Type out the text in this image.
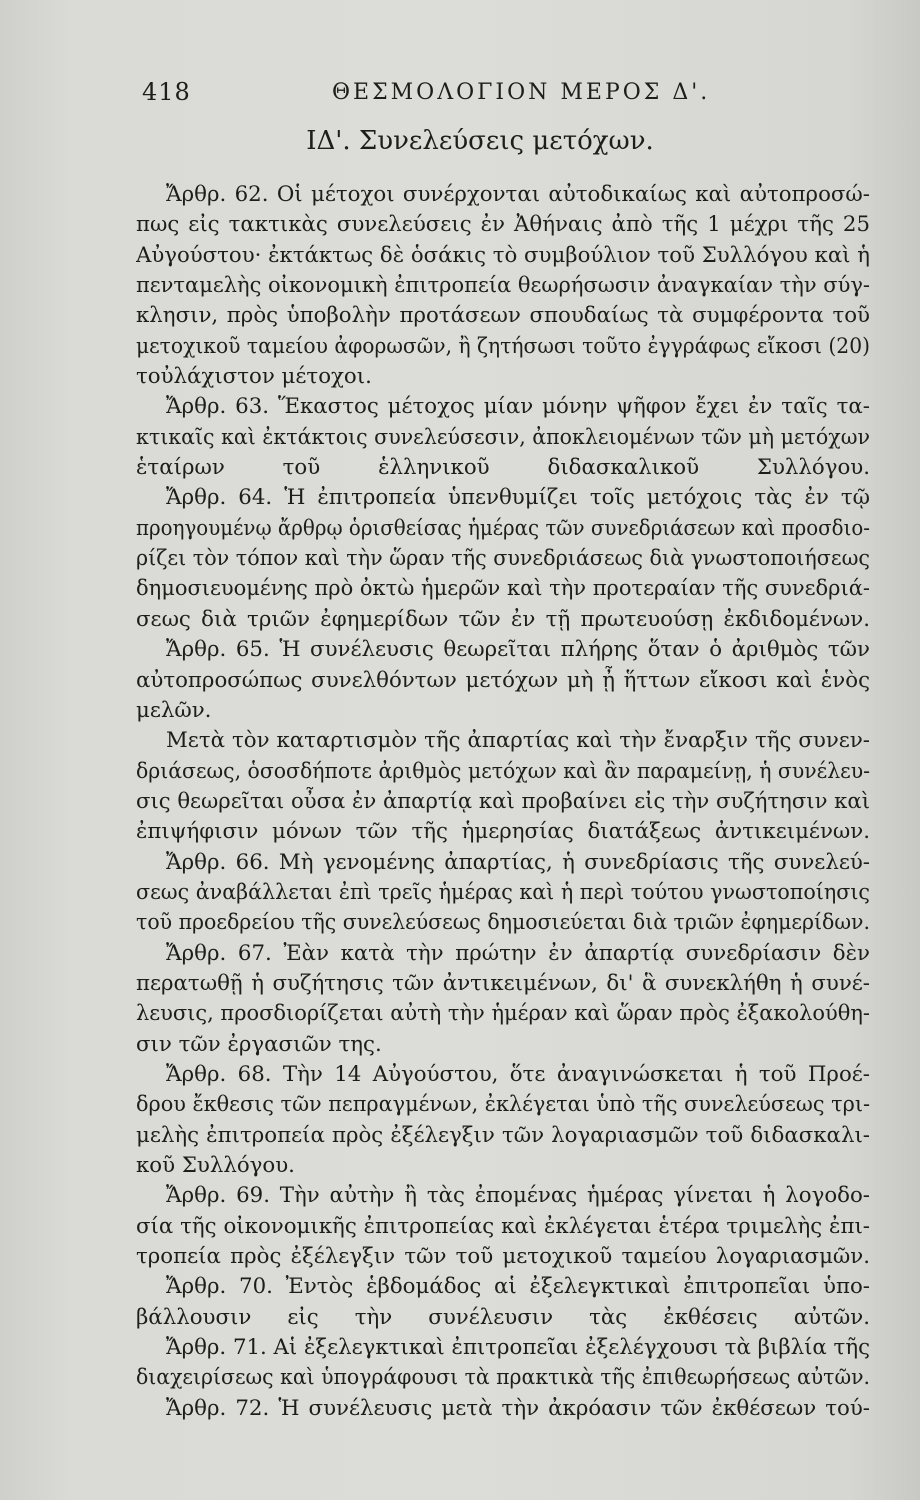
418	ΘΕΣΜΟΛΟΓΙΟΝ ΜΕΡΟΣ Δ'.
ΙΔ'. Συνελεύσεις μετόχων.
Ἄρθρ. 62. Οἱ μέτοχοι συνέρχονται αὐτοδικαίως καὶ αὐτοπροσώ-
πως εἰς τακτικὰς συνελεύσεις ἐν Ἀθήναις ἀπὸ τῆς 1 μέχρι τῆς 25
Αὐγούστου· ἐκτάκτως δὲ ὁσάκις τὸ συμβούλιον τοῦ Συλλόγου καὶ ἡ
πενταμελὴς οἰκονομικὴ ἐπιτροπεία θεωρήσωσιν ἀναγκαίαν τὴν σύγ-
κλησιν, πρὸς ὑποβολὴν προτάσεων σπουδαίως τὰ συμφέροντα τοῦ
μετοχικοῦ ταμείου ἀφορωσῶν, ἢ ζητήσωσι τοῦτο ἐγγράφως εἴκοσι (20)
τοὐλάχιστον μέτοχοι.
Ἄρθρ. 63. Ἕκαστος μέτοχος μίαν μόνην ψῆφον ἔχει ἐν ταῖς τα-
κτικαῖς καὶ ἐκτάκτοις συνελεύσεσιν, ἀποκλειομένων τῶν μὴ μετόχων
ἑταίρων τοῦ ἑλληνικοῦ διδασκαλικοῦ Συλλόγου.
Ἄρθρ. 64. Ἡ ἐπιτροπεία ὑπενθυμίζει τοῖς μετόχοις τὰς ἐν τῷ
προηγουμένῳ ἄρθρῳ ὁρισθείσας ἡμέρας τῶν συνεδριάσεων καὶ προσδιο-
ρίζει τὸν τόπον καὶ τὴν ὥραν τῆς συνεδριάσεως διὰ γνωστοποιήσεως
δημοσιευομένης πρὸ ὀκτὼ ἡμερῶν καὶ τὴν προτεραίαν τῆς συνεδριά-
σεως διὰ τριῶν ἐφημερίδων τῶν ἐν τῇ πρωτευούσῃ ἐκδιδομένων.
Ἄρθρ. 65. Ἡ συνέλευσις θεωρεῖται πλήρης ὅταν ὁ ἀριθμὸς τῶν
αὐτοπροσώπως συνελθόντων μετόχων μὴ ᾖ ἥττων εἴκοσι καὶ ἑνὸς
μελῶν.
Μετὰ τὸν καταρτισμὸν τῆς ἀπαρτίας καὶ τὴν ἔναρξιν τῆς συνεν-
δριάσεως, ὁσοσδήποτε ἀριθμὸς μετόχων καὶ ἂν παραμείνῃ, ἡ συνέλευ-
σις θεωρεῖται οὖσα ἐν ἀπαρτίᾳ καὶ προβαίνει εἰς τὴν συζήτησιν καὶ
ἐπιψήφισιν μόνων τῶν τῆς ἡμερησίας διατάξεως ἀντικειμένων.
Ἄρθρ. 66. Μὴ γενομένης ἀπαρτίας, ἡ συνεδρίασις τῆς συνελεύ-
σεως ἀναβάλλεται ἐπὶ τρεῖς ἡμέρας καὶ ἡ περὶ τούτου γνωστοποίησις
τοῦ προεδρείου τῆς συνελεύσεως δημοσιεύεται διὰ τριῶν ἐφημερίδων.
Ἄρθρ. 67. Ἐὰν κατὰ τὴν πρώτην ἐν ἀπαρτίᾳ συνεδρίασιν δὲν
περατωθῇ ἡ συζήτησις τῶν ἀντικειμένων, δι' ἃ συνεκλήθη ἡ συνέ-
λευσις, προσδιορίζεται αὐτὴ τὴν ἡμέραν καὶ ὥραν πρὸς ἐξακολούθη-
σιν τῶν ἐργασιῶν της.
Ἄρθρ. 68. Τὴν 14 Αὐγούστου, ὅτε ἀναγινώσκεται ἡ τοῦ Προέ-
δρου ἔκθεσις τῶν πεπραγμένων, ἐκλέγεται ὑπὸ τῆς συνελεύσεως τρι-
μελὴς ἐπιτροπεία πρὸς ἐξέλεγξιν τῶν λογαριασμῶν τοῦ διδασκαλι-
κοῦ Συλλόγου.
Ἄρθρ. 69. Τὴν αὐτὴν ἢ τὰς ἐπομένας ἡμέρας γίνεται ἡ λογοδο-
σία τῆς οἰκονομικῆς ἐπιτροπείας καὶ ἐκλέγεται ἑτέρα τριμελὴς ἐπι-
τροπεία πρὸς ἐξέλεγξιν τῶν τοῦ μετοχικοῦ ταμείου λογαριασμῶν.
Ἄρθρ. 70. Ἐντὸς ἑβδομάδος αἱ ἐξελεγκτικαὶ ἐπιτροπεῖαι ὑπο-
βάλλουσιν εἰς τὴν συνέλευσιν τὰς ἐκθέσεις αὐτῶν.
Ἄρθρ. 71. Αἱ ἐξελεγκτικαὶ ἐπιτροπεῖαι ἐξελέγχουσι τὰ βιβλία τῆς
διαχειρίσεως καὶ ὑπογράφουσι τὰ πρακτικὰ τῆς ἐπιθεωρήσεως αὐτῶν.
Ἄρθρ. 72. Ἡ συνέλευσις μετὰ τὴν ἀκρόασιν τῶν ἐκθέσεων τού-
